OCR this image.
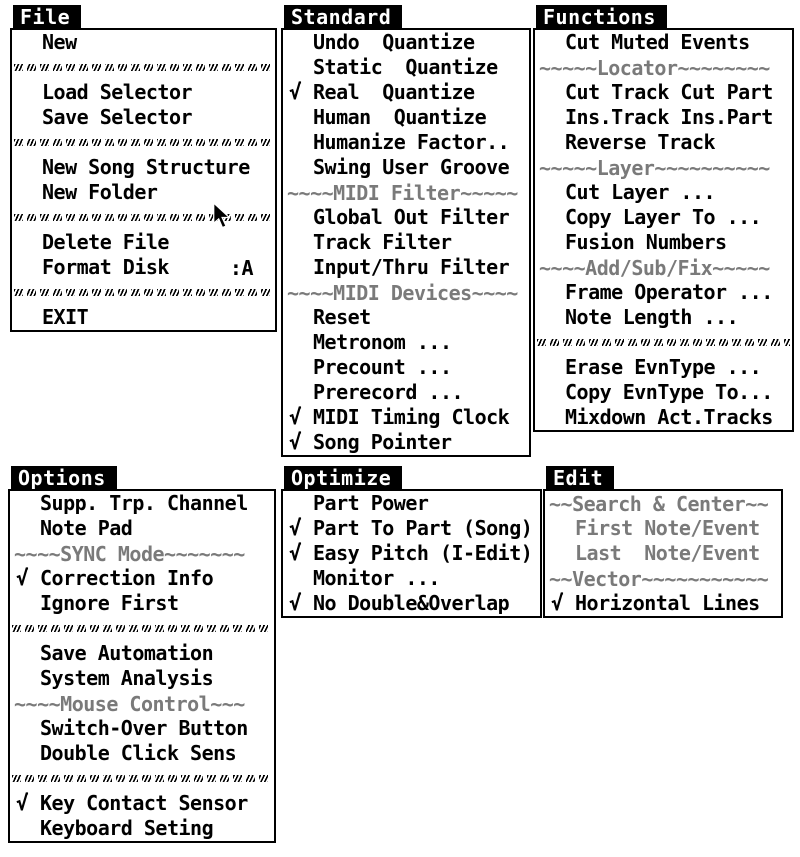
File
New
Load Selector
Save Selector
New Song Structure
New Folder
Delete File
Format Disk	:A
EXIT
Standard
Undo  Quantize
Static  Quantize
√ Real  Quantize
Human  Quantize
Humanize Factor..
Swing User Groove
~~~~MIDI Filter~~~~~
Global Out Filter
Track Filter
Input/Thru Filter
~~~~MIDI Devices~~~~
Reset
Metronom ...
Precount ...
Prerecord ...
√ MIDI Timing Clock
√ Song Pointer
Functions
Cut Muted Events
~~~~~Locator~~~~~~~~
Cut Track Cut Part
Ins.Track Ins.Part
Reverse Track
~~~~~Layer~~~~~~~~~~
Cut Layer ...
Copy Layer To ...
Fusion Numbers
~~~~Add/Sub/Fix~~~~~
Frame Operator ...
Note Length ...
Erase EvnType ...
Copy EvnType To...
Mixdown Act.Tracks
Options
Supp. Trp. Channel
Note Pad
~~~~SYNC Mode~~~~~~~
√ Correction Info
Ignore First
Save Automation
System Analysis
~~~~Mouse Control~~~
Switch-Over Button
Double Click Sens
√ Key Contact Sensor
Keyboard Seting
Optimize
Part Power
√ Part To Part (Song)
√ Easy Pitch (I-Edit)
Monitor ...
√ No Double&Overlap
Edit
~~Search & Center~~
First Note/Event
Last  Note/Event
~~Vector~~~~~~~~~~~
√ Horizontal Lines
